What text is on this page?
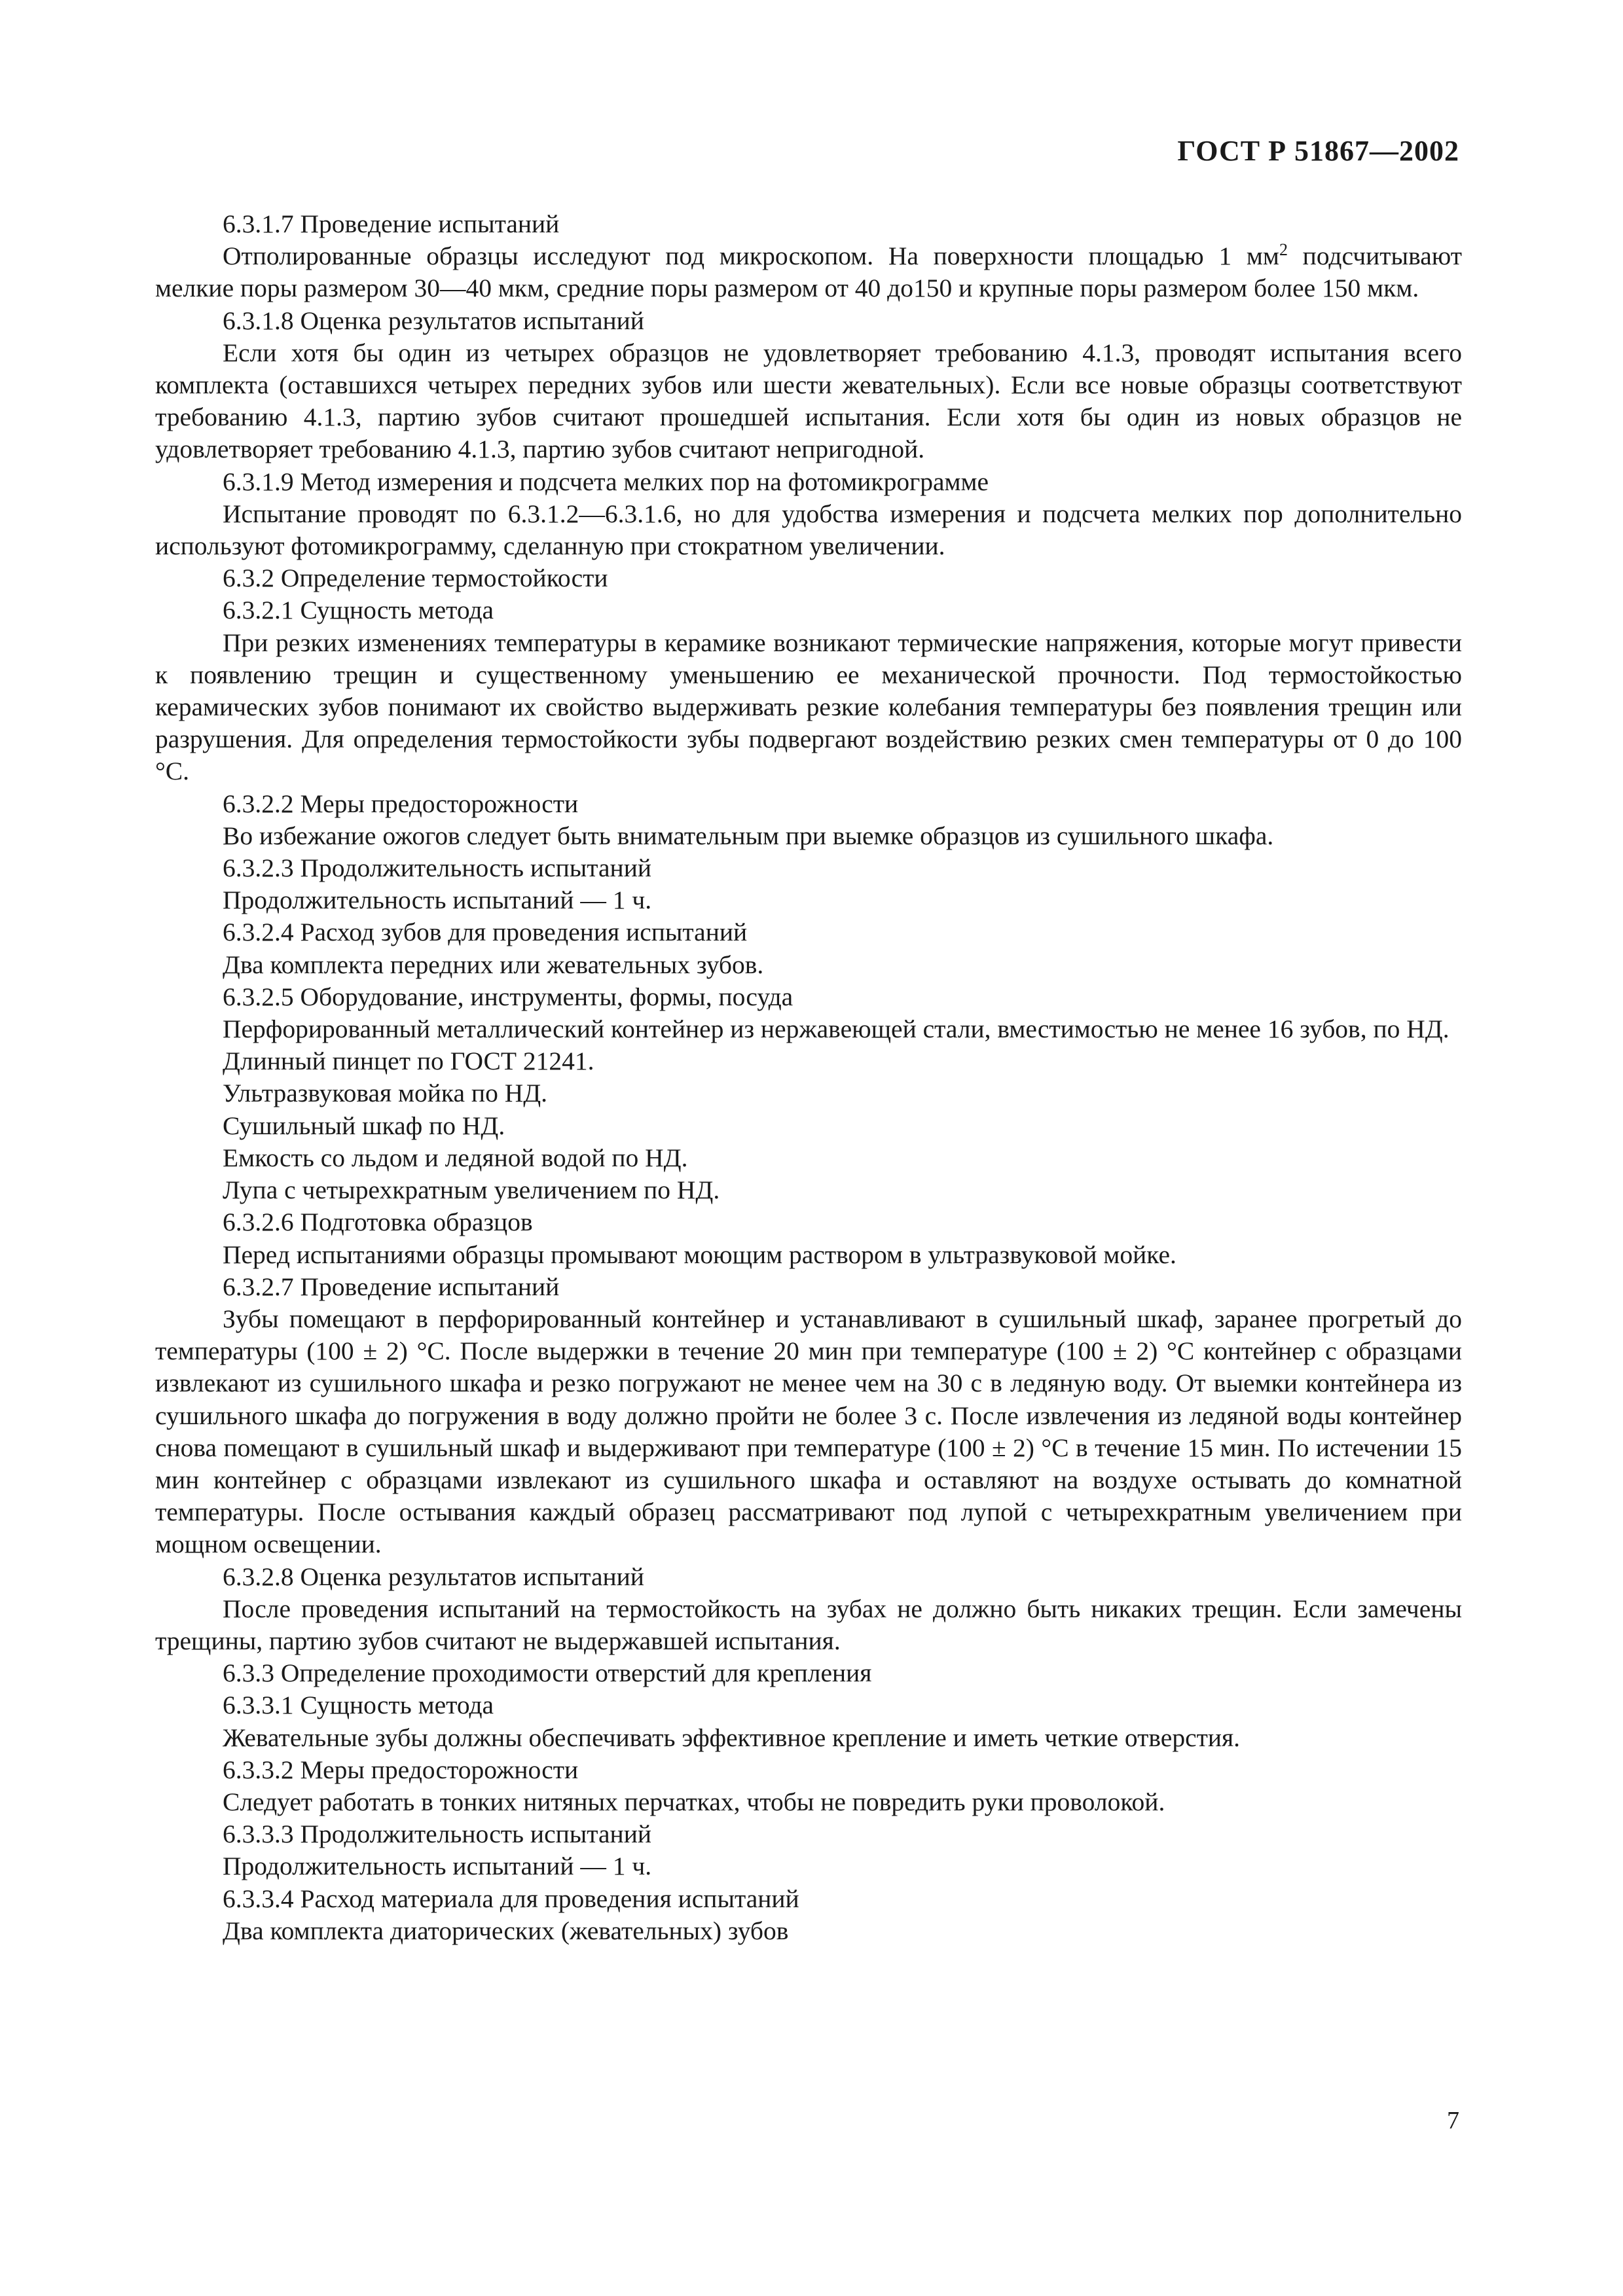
ГОСТ Р 51867—2002
6.3.1.7 Проведение испытаний
Отполированные образцы исследуют под микроскопом. На поверхности площадью 1 $мм^2$ подсчитывают мелкие поры размером 30—40 мкм, средние поры размером от 40 до150 и крупные поры размером более 150 мкм.
6.3.1.8 Оценка результатов испытаний
Если хотя бы один из четырех образцов не удовлетворяет требованию 4.1.3, проводят испытания всего комплекта (оставшихся четырех передних зубов или шести жевательных). Если все новые образцы соответствуют требованию 4.1.3, партию зубов считают прошедшей испытания. Если хотя бы один из новых образцов не удовлетворяет требованию 4.1.3, партию зубов считают непригодной.
6.3.1.9 Метод измерения и подсчета мелких пор на фотомикрограмме
Испытание проводят по 6.3.1.2—6.3.1.6, но для удобства измерения и подсчета мелких пор дополнительно используют фотомикрограмму, сделанную при стократном увеличении.
6.3.2 Определение термостойкости
6.3.2.1 Сущность метода
При резких изменениях температуры в керамике возникают термические напряжения, которые могут привести к появлению трещин и существенному уменьшению ее механической прочности. Под термостойкостью керамических зубов понимают их свойство выдерживать резкие колебания температуры без появления трещин или разрушения. Для определения термостойкости зубы подвергают воздействию резких смен температуры от 0 до 100 °С.
6.3.2.2 Меры предосторожности
Во избежание ожогов следует быть внимательным при выемке образцов из сушильного шкафа.
6.3.2.3 Продолжительность испытаний
Продолжительность испытаний — 1 ч.
6.3.2.4 Расход зубов для проведения испытаний
Два комплекта передних или жевательных зубов.
6.3.2.5 Оборудование, инструменты, формы, посуда
Перфорированный металлический контейнер из нержавеющей стали, вместимостью не менее 16 зубов, по НД.
Длинный пинцет по ГОСТ 21241.
Ультразвуковая мойка по НД.
Сушильный шкаф по НД.
Емкость со льдом и ледяной водой по НД.
Лупа с четырехкратным увеличением по НД.
6.3.2.6 Подготовка образцов
Перед испытаниями образцы промывают моющим раствором в ультразвуковой мойке.
6.3.2.7 Проведение испытаний
Зубы помещают в перфорированный контейнер и устанавливают в сушильный шкаф, заранее прогретый до температуры (100 ± 2) °С. После выдержки в течение 20 мин при температуре (100 ± 2) °С контейнер с образцами извлекают из сушильного шкафа и резко погружают не менее чем на 30 с в ледяную воду. От выемки контейнера из сушильного шкафа до погружения в воду должно пройти не более 3 с. После извлечения из ледяной воды контейнер снова помещают в сушильный шкаф и выдерживают при температуре (100 ± 2) °С в течение 15 мин. По истечении 15 мин контейнер с образцами извлекают из сушильного шкафа и оставляют на воздухе остывать до комнатной температуры. После остывания каждый образец рассматривают под лупой с четырехкратным увеличением при мощном освещении.
6.3.2.8 Оценка результатов испытаний
После проведения испытаний на термостойкость на зубах не должно быть никаких трещин. Если замечены трещины, партию зубов считают не выдержавшей испытания.
6.3.3 Определение проходимости отверстий для крепления
6.3.3.1 Сущность метода
Жевательные зубы должны обеспечивать эффективное крепление и иметь четкие отверстия.
6.3.3.2 Меры предосторожности
Следует работать в тонких нитяных перчатках, чтобы не повредить руки проволокой.
6.3.3.3 Продолжительность испытаний
Продолжительность испытаний — 1 ч.
6.3.3.4 Расход материала для проведения испытаний
Два комплекта диаторических (жевательных) зубов
7
